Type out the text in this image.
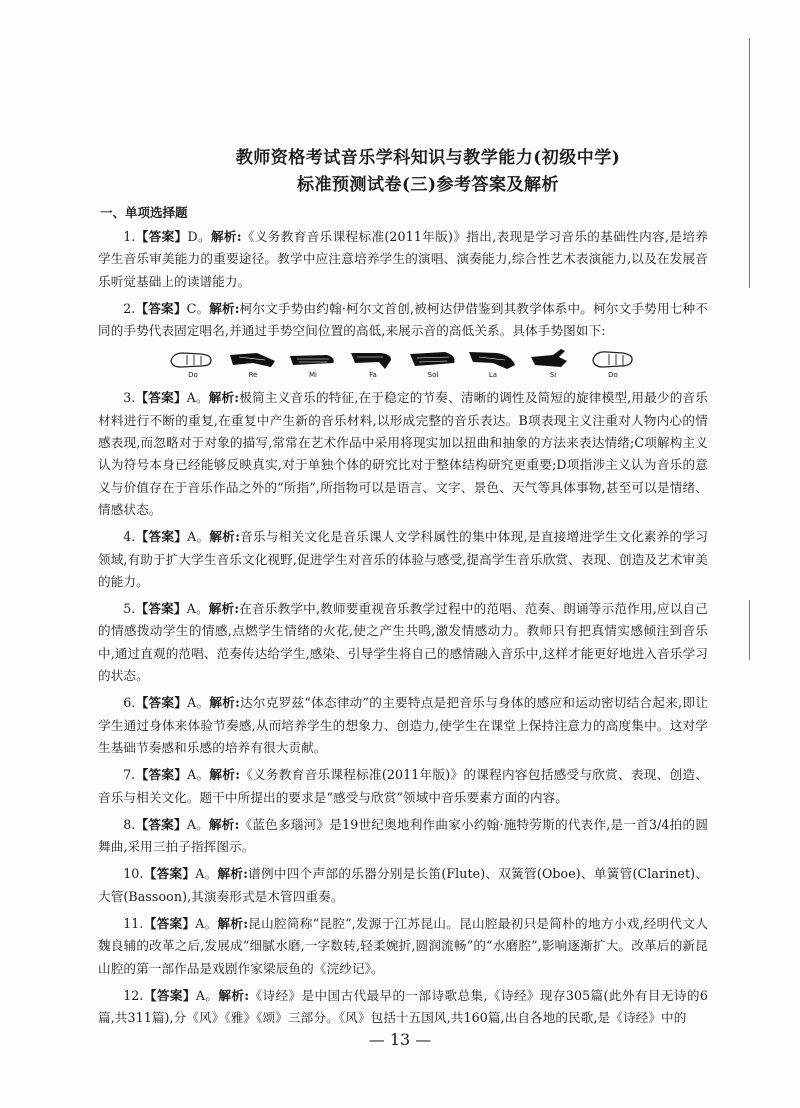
教师资格考试音乐学科知识与教学能力(初级中学)
标准预测试卷(三)参考答案及解析
一、单项选择题

1.【答案】D。解析:《义务教育音乐课程标准(2011年版)》指出,表现是学习音乐的基础性内容,是培养学生音乐审美能力的重要途径。教学中应注意培养学生的演唱、演奏能力,综合性艺术表演能力,以及在发展音乐听觉基础上的读谱能力。

2.【答案】C。解析:柯尔文手势由约翰·柯尔文首创,被柯达伊借鉴到其教学体系中。柯尔文手势用七种不同的手势代表固定唱名,并通过手势空间位置的高低,来展示音的高低关系。具体手势图如下:

Do	Re	Mi	Fa	Sol	La	Si	Do

3.【答案】A。解析:极简主义音乐的特征,在于稳定的节奏、清晰的调性及简短的旋律模型,用最少的音乐材料进行不断的重复,在重复中产生新的音乐材料,以形成完整的音乐表达。B项表现主义注重对人物内心的情感表现,而忽略对于对象的描写,常常在艺术作品中采用将现实加以扭曲和抽象的方法来表达情绪;C项解构主义认为符号本身已经能够反映真实,对于单独个体的研究比对于整体结构研究更重要;D项指涉主义认为音乐的意义与价值存在于音乐作品之外的“所指”,所指物可以是语言、文字、景色、天气等具体事物,甚至可以是情绪、情感状态。

4.【答案】A。解析:音乐与相关文化是音乐课人文学科属性的集中体现,是直接增进学生文化素养的学习领域,有助于扩大学生音乐文化视野,促进学生对音乐的体验与感受,提高学生音乐欣赏、表现、创造及艺术审美的能力。

5.【答案】A。解析:在音乐教学中,教师要重视音乐教学过程中的范唱、范奏、朗诵等示范作用,应以自己的情感拨动学生的情感,点燃学生情绪的火花,使之产生共鸣,激发情感动力。教师只有把真情实感倾注到音乐中,通过直观的范唱、范奏传达给学生,感染、引导学生将自己的感情融入音乐中,这样才能更好地进入音乐学习的状态。

6.【答案】A。解析:达尔克罗兹“体态律动”的主要特点是把音乐与身体的感应和运动密切结合起来,即让学生通过身体来体验节奏感,从而培养学生的想象力、创造力,使学生在课堂上保持注意力的高度集中。这对学生基础节奏感和乐感的培养有很大贡献。

7.【答案】A。解析:《义务教育音乐课程标准(2011年版)》的课程内容包括感受与欣赏、表现、创造、音乐与相关文化。题干中所提出的要求是“感受与欣赏”领域中音乐要素方面的内容。

8.【答案】A。解析:《蓝色多瑙河》是19世纪奥地利作曲家小约翰·施特劳斯的代表作,是一首3/4拍的圆舞曲,采用三拍子指挥图示。

10.【答案】A。解析:谱例中四个声部的乐器分别是长笛(Flute)、双簧管(Oboe)、单簧管(Clarinet)、大管(Bassoon),其演奏形式是木管四重奏。

11.【答案】A。解析:昆山腔简称“昆腔”,发源于江苏昆山。昆山腔最初只是简朴的地方小戏,经明代文人魏良辅的改革之后,发展成“细腻水磨,一字数转,轻柔婉折,圆润流畅”的“水磨腔”,影响逐渐扩大。改革后的新昆山腔的第一部作品是戏剧作家梁辰鱼的《浣纱记》。

12.【答案】A。解析:《诗经》是中国古代最早的一部诗歌总集,《诗经》现存305篇(此外有目无诗的6篇,共311篇),分《风》《雅》《颂》三部分。《风》包括十五国风,共160篇,出自各地的民歌,是《诗经》中的

— 13 —
